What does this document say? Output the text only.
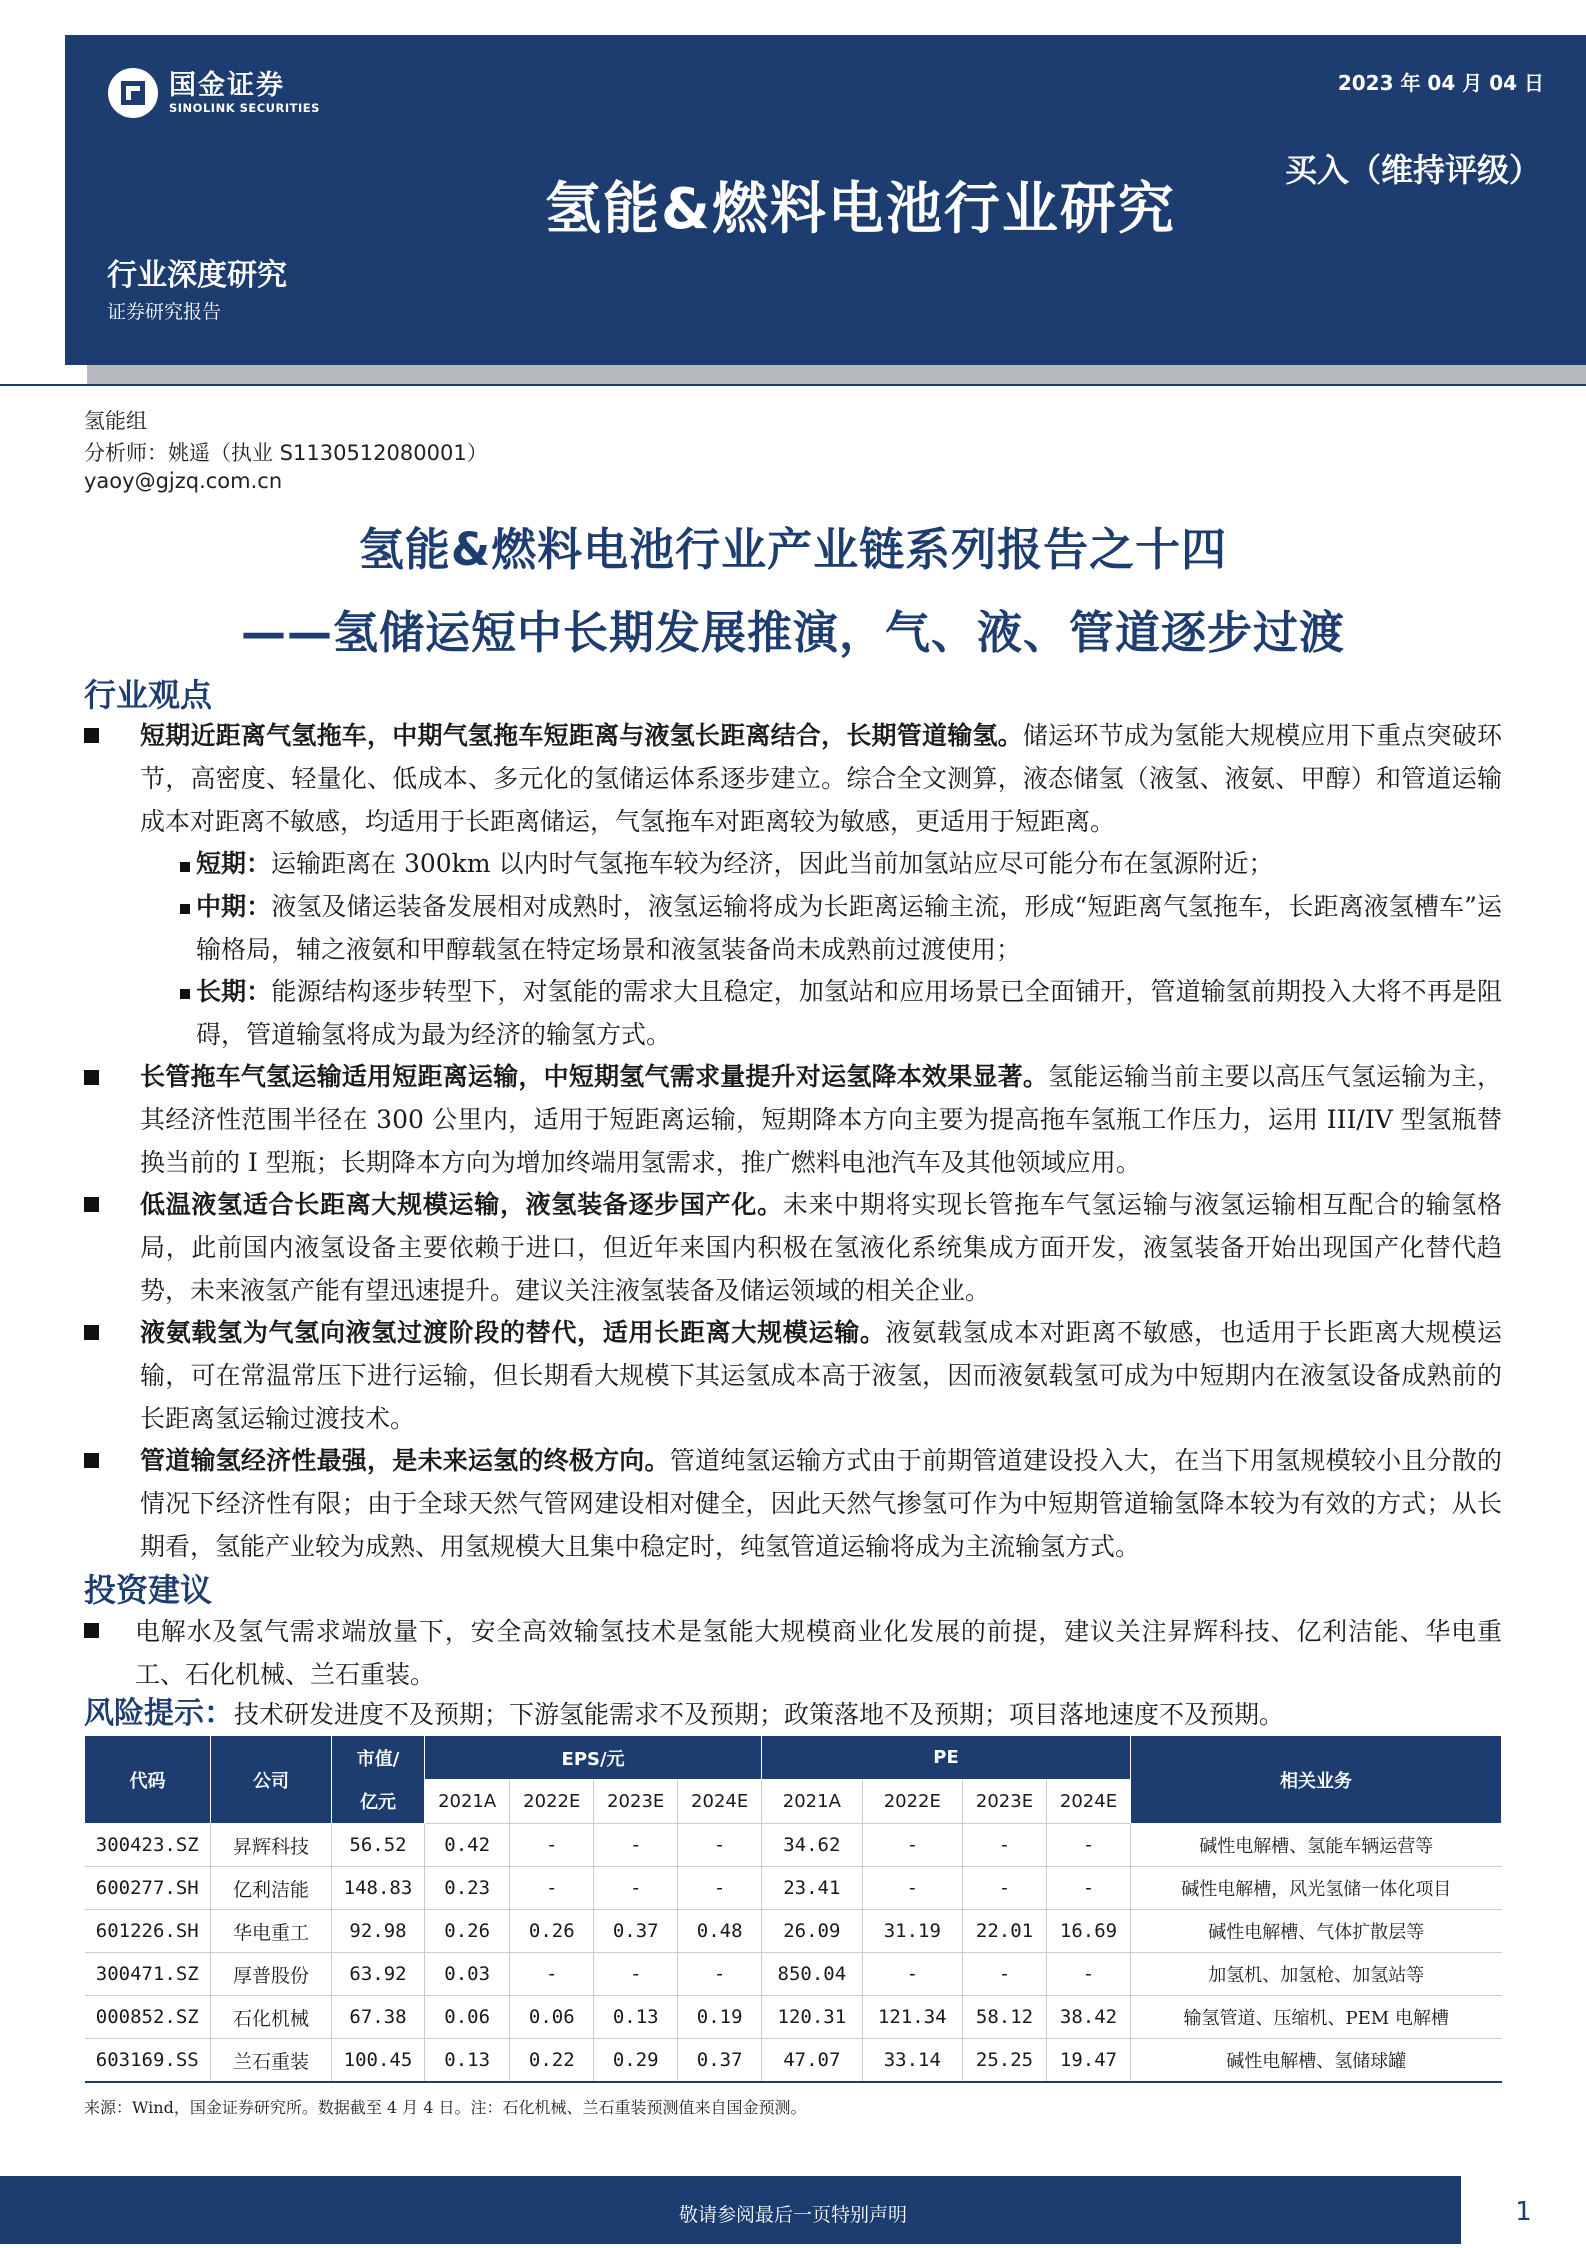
国金证券
SINOLINK SECURITIES
2023 年 04 月 04 日
买入（维持评级）
氢能&燃料电池行业研究
行业深度研究
证券研究报告
氢能组
分析师：姚遥（执业 S1130512080001）
yaoy@gjzq.com.cn
氢能&燃料电池行业产业链系列报告之十四
——氢储运短中长期发展推演，气、液、管道逐步过渡
行业观点
短期近距离气氢拖车，中期气氢拖车短距离与液氢长距离结合，长期管道输氢。储运环节成为氢能大规模应用下重点突破环节，高密度、轻量化、低成本、多元化的氢储运体系逐步建立。综合全文测算，液态储氢（液氢、液氨、甲醇）和管道运输成本对距离不敏感，均适用于长距离储运，气氢拖车对距离较为敏感，更适用于短距离。
短期：运输距离在 300km 以内时气氢拖车较为经济，因此当前加氢站应尽可能分布在氢源附近；
中期：液氢及储运装备发展相对成熟时，液氢运输将成为长距离运输主流，形成“短距离气氢拖车，长距离液氢槽车”运输格局，辅之液氨和甲醇载氢在特定场景和液氢装备尚未成熟前过渡使用；
长期：能源结构逐步转型下，对氢能的需求大且稳定，加氢站和应用场景已全面铺开，管道输氢前期投入大将不再是阻碍，管道输氢将成为最为经济的输氢方式。
长管拖车气氢运输适用短距离运输，中短期氢气需求量提升对运氢降本效果显著。氢能运输当前主要以高压气氢运输为主，其经济性范围半径在 300 公里内，适用于短距离运输，短期降本方向主要为提高拖车氢瓶工作压力，运用 III/IV 型氢瓶替换当前的 I 型瓶；长期降本方向为增加终端用氢需求，推广燃料电池汽车及其他领域应用。
低温液氢适合长距离大规模运输，液氢装备逐步国产化。未来中期将实现长管拖车气氢运输与液氢运输相互配合的输氢格局，此前国内液氢设备主要依赖于进口，但近年来国内积极在氢液化系统集成方面开发，液氢装备开始出现国产化替代趋势，未来液氢产能有望迅速提升。建议关注液氢装备及储运领域的相关企业。
液氨载氢为气氢向液氢过渡阶段的替代，适用长距离大规模运输。液氨载氢成本对距离不敏感，也适用于长距离大规模运输，可在常温常压下进行运输，但长期看大规模下其运氢成本高于液氢，因而液氨载氢可成为中短期内在液氢设备成熟前的长距离氢运输过渡技术。
管道输氢经济性最强，是未来运氢的终极方向。管道纯氢运输方式由于前期管道建设投入大，在当下用氢规模较小且分散的情况下经济性有限；由于全球天然气管网建设相对健全，因此天然气掺氢可作为中短期管道输氢降本较为有效的方式；从长期看，氢能产业较为成熟、用氢规模大且集中稳定时，纯氢管道运输将成为主流输氢方式。
投资建议
电解水及氢气需求端放量下，安全高效输氢技术是氢能大规模商业化发展的前提，建议关注昇辉科技、亿利洁能、华电重工、石化机械、兰石重装。
风险提示：技术研发进度不及预期；下游氢能需求不及预期；政策落地不及预期；项目落地速度不及预期。
代码	公司	市值/	EPS/元				PE				相关业务
		亿元	2021A	2022E	2023E	2024E	2021A	2022E	2023E	2024E	
300423.SZ	昇辉科技	56.52	0.42	-	-	-	34.62	-	-	-	碱性电解槽、氢能车辆运营等
600277.SH	亿利洁能	148.83	0.23	-	-	-	23.41	-	-	-	碱性电解槽，风光氢储一体化项目
601226.SH	华电重工	92.98	0.26	0.26	0.37	0.48	26.09	31.19	22.01	16.69	碱性电解槽、气体扩散层等
300471.SZ	厚普股份	63.92	0.03	-	-	-	850.04	-	-	-	加氢机、加氢枪、加氢站等
000852.SZ	石化机械	67.38	0.06	0.06	0.13	0.19	120.31	121.34	58.12	38.42	输氢管道、压缩机、PEM 电解槽
603169.SS	兰石重装	100.45	0.13	0.22	0.29	0.37	47.07	33.14	25.25	19.47	碱性电解槽、氢储球罐
来源：Wind，国金证券研究所。数据截至 4 月 4 日。注：石化机械、兰石重装预测值来自国金预测。
敬请参阅最后一页特别声明	1
